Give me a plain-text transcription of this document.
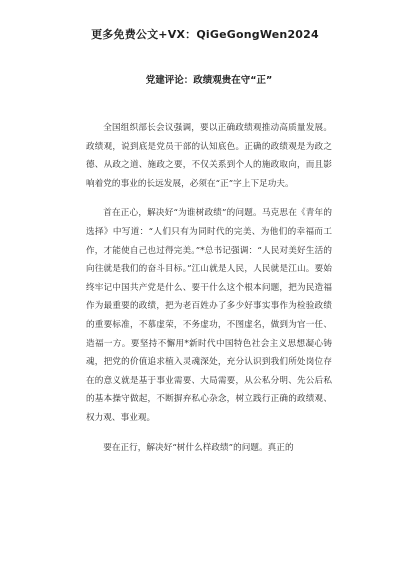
更多免费公文+VX：QiGeGongWen2024
党建评论：政绩观贵在守“正”

全国组织部长会议强调，要以正确政绩观推动高质量发展。政绩观，说到底是党员干部的认知底色。正确的政绩观是为政之德、从政之道、施政之要，不仅关系到个人的施政取向，而且影响着党的事业的长远发展，必须在“正”字上下足功夫。

首在正心，解决好“为谁树政绩”的问题。马克思在《青年的选择》中写道：“人们只有为同时代的完美、为他们的幸福而工作，才能使自己也过得完美。”*总书记强调：“人民对美好生活的向往就是我们的奋斗目标。”江山就是人民，人民就是江山。要始终牢记中国共产党是什么、要干什么这个根本问题，把为民造福作为最重要的政绩，把为老百姓办了多少好事实事作为检验政绩的重要标准，不慕虚荣，不务虚功，不图虚名，做到为官一任、造福一方。要坚持不懈用*新时代中国特色社会主义思想凝心铸魂，把党的价值追求植入灵魂深处，充分认识到我们所处岗位存在的意义就是基于事业需要、大局需要，从公私分明、先公后私的基本操守做起，不断摒弃私心杂念，树立践行正确的政绩观、权力观、事业观。

要在正行，解决好“树什么样政绩”的问题。真正的
